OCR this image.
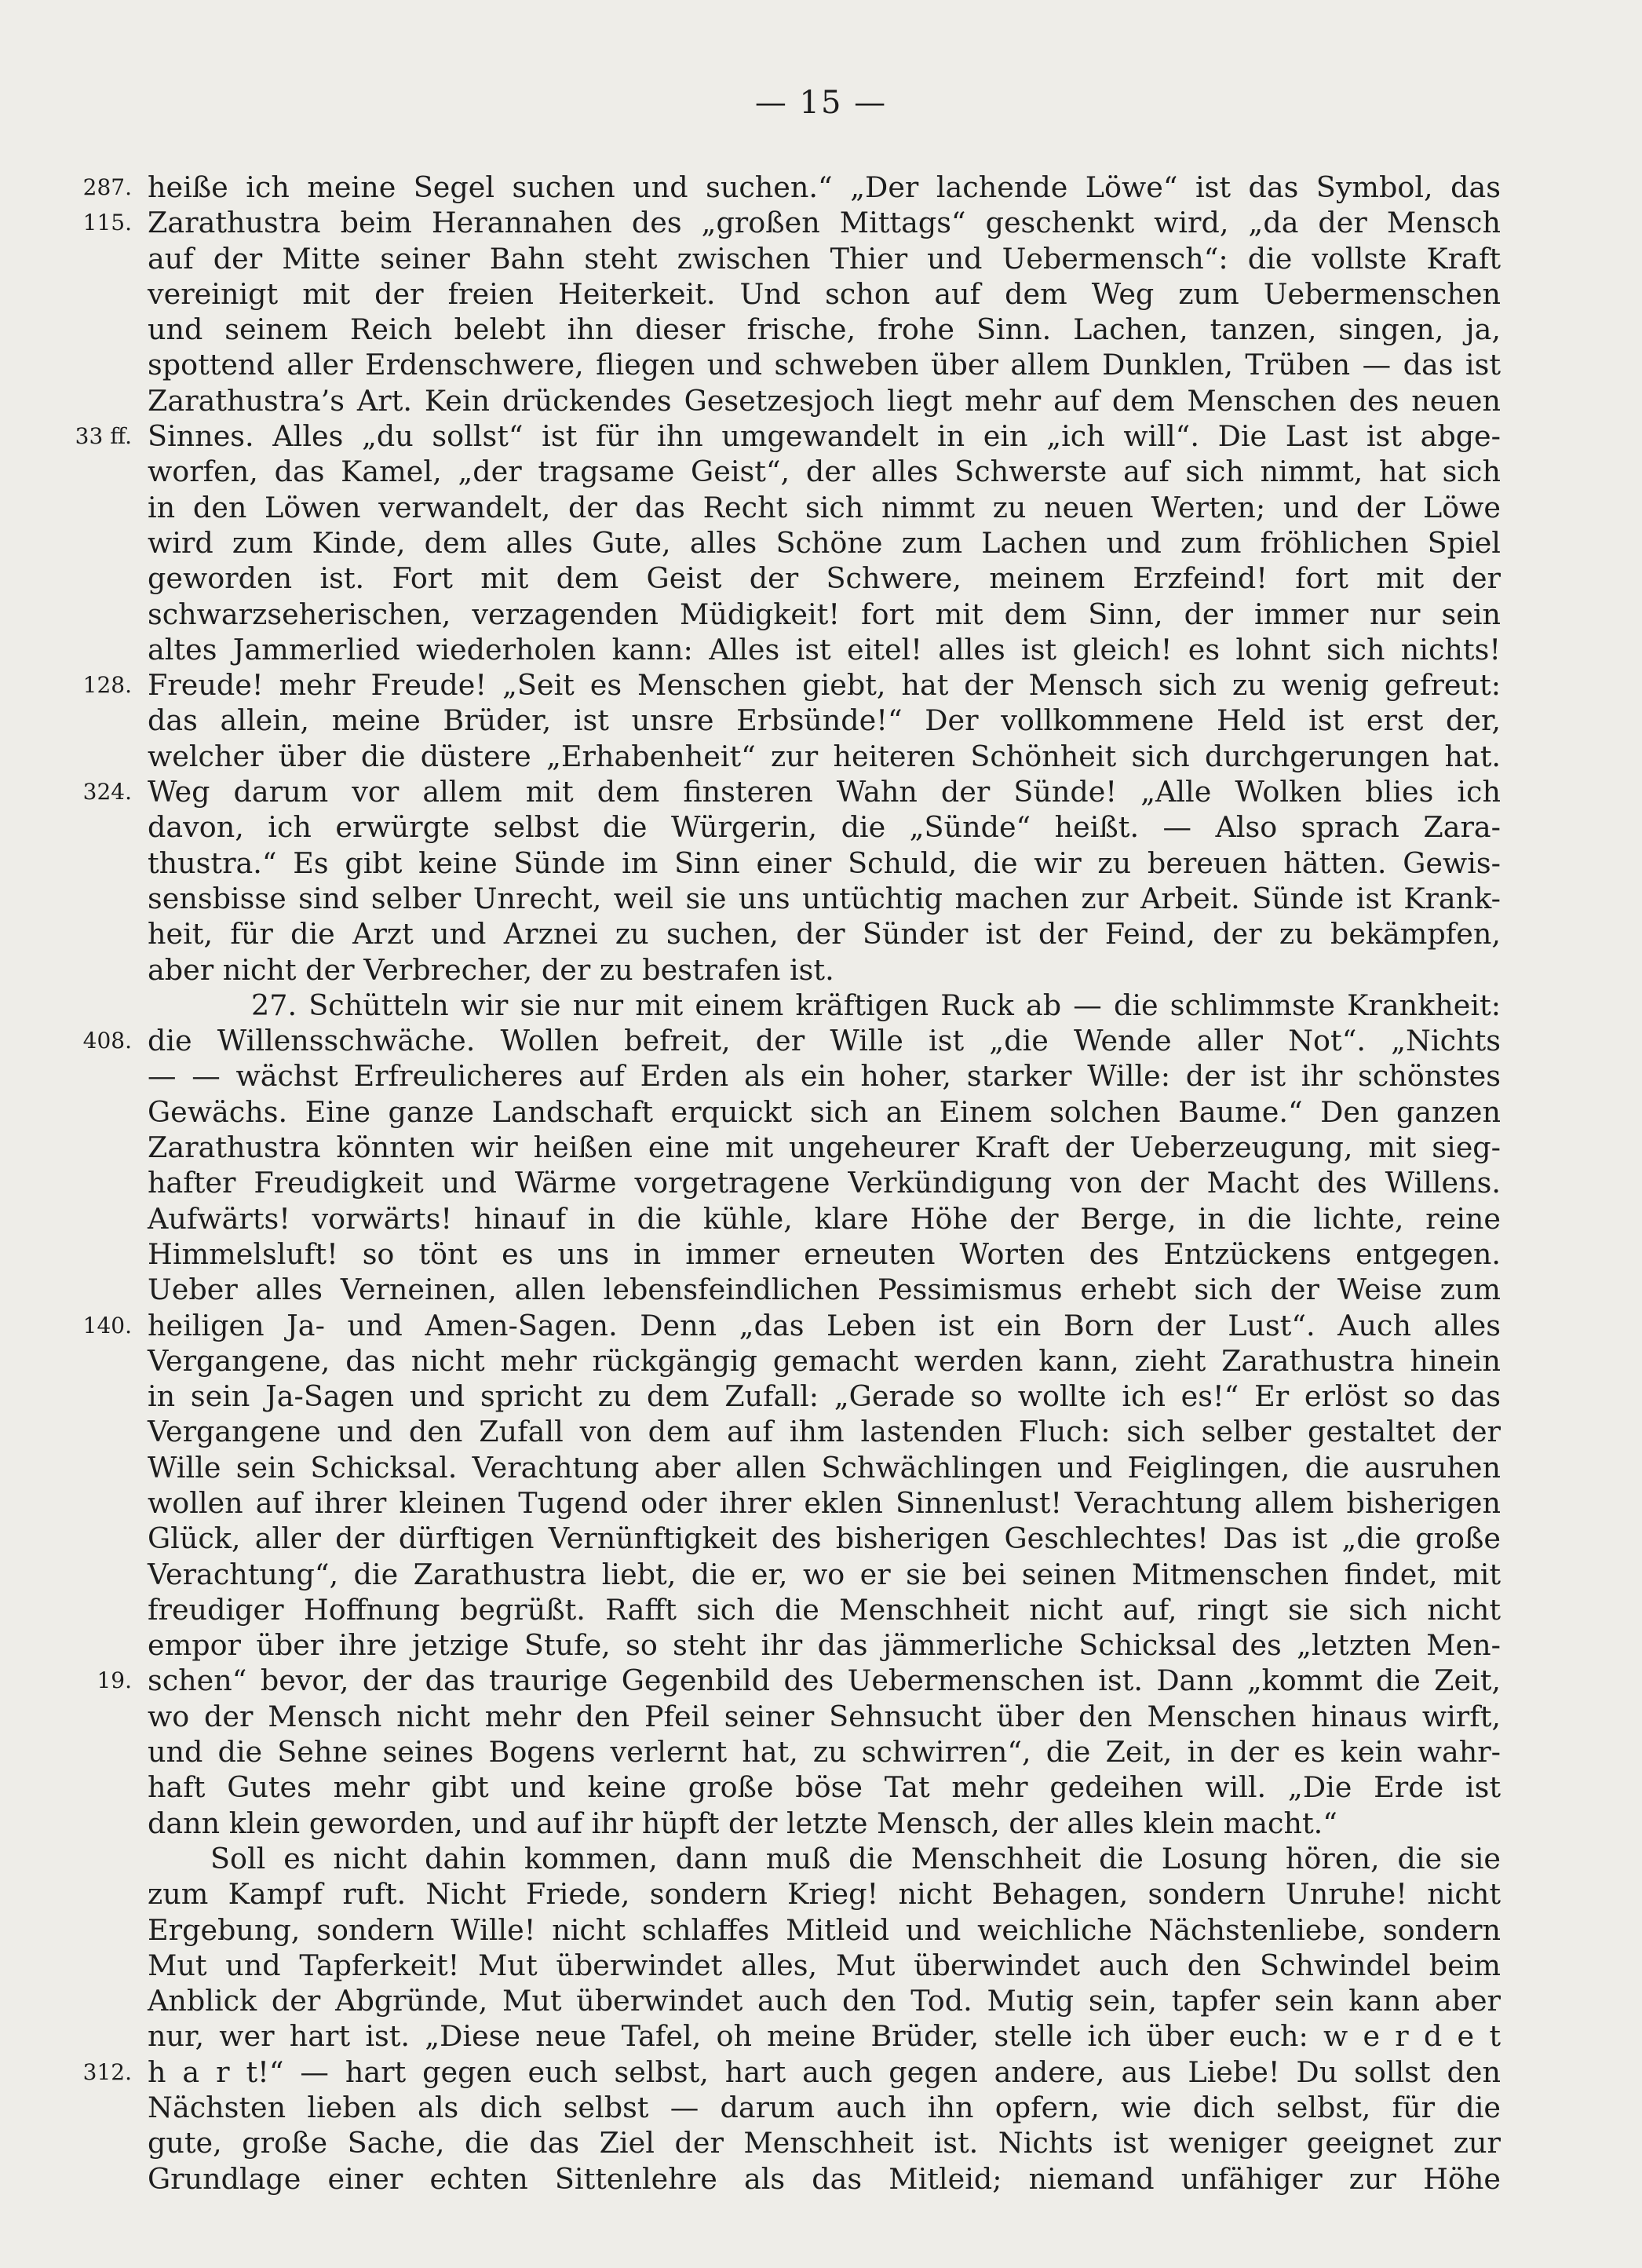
— 15 —
287. heiße ich meine Segel suchen und suchen.“ „Der lachende Löwe“ ist das Symbol, das
115. Zarathustra beim Herannahen des „großen Mittags“ geschenkt wird, „da der Mensch
auf der Mitte seiner Bahn steht zwischen Thier und Uebermensch“: die vollste Kraft
vereinigt mit der freien Heiterkeit. Und schon auf dem Weg zum Uebermenschen
und seinem Reich belebt ihn dieser frische, frohe Sinn. Lachen, tanzen, singen, ja,
spottend aller Erdenschwere, fliegen und schweben über allem Dunklen, Trüben — das ist
Zarathustra’s Art. Kein drückendes Gesetzesjoch liegt mehr auf dem Menschen des neuen
33 ff. Sinnes. Alles „du sollst“ ist für ihn umgewandelt in ein „ich will“. Die Last ist abge-
worfen, das Kamel, „der tragsame Geist“, der alles Schwerste auf sich nimmt, hat sich
in den Löwen verwandelt, der das Recht sich nimmt zu neuen Werten; und der Löwe
wird zum Kinde, dem alles Gute, alles Schöne zum Lachen und zum fröhlichen Spiel
geworden ist. Fort mit dem Geist der Schwere, meinem Erzfeind! fort mit der
schwarzseherischen, verzagenden Müdigkeit! fort mit dem Sinn, der immer nur sein
altes Jammerlied wiederholen kann: Alles ist eitel! alles ist gleich! es lohnt sich nichts!
128. Freude! mehr Freude! „Seit es Menschen giebt, hat der Mensch sich zu wenig gefreut:
das allein, meine Brüder, ist unsre Erbsünde!“ Der vollkommene Held ist erst der,
welcher über die düstere „Erhabenheit“ zur heiteren Schönheit sich durchgerungen hat.
324. Weg darum vor allem mit dem finsteren Wahn der Sünde! „Alle Wolken blies ich
davon, ich erwürgte selbst die Würgerin, die „Sünde“ heißt. — Also sprach Zara-
thustra.“ Es gibt keine Sünde im Sinn einer Schuld, die wir zu bereuen hätten. Gewis-
sensbisse sind selber Unrecht, weil sie uns untüchtig machen zur Arbeit. Sünde ist Krank-
heit, für die Arzt und Arznei zu suchen, der Sünder ist der Feind, der zu bekämpfen,
aber nicht der Verbrecher, der zu bestrafen ist.
27. Schütteln wir sie nur mit einem kräftigen Ruck ab — die schlimmste Krankheit:
408. die Willensschwäche. Wollen befreit, der Wille ist „die Wende aller Not“. „Nichts
— — wächst Erfreulicheres auf Erden als ein hoher, starker Wille: der ist ihr schönstes
Gewächs. Eine ganze Landschaft erquickt sich an Einem solchen Baume.“ Den ganzen
Zarathustra könnten wir heißen eine mit ungeheurer Kraft der Ueberzeugung, mit sieg-
hafter Freudigkeit und Wärme vorgetragene Verkündigung von der Macht des Willens.
Aufwärts! vorwärts! hinauf in die kühle, klare Höhe der Berge, in die lichte, reine
Himmelsluft! so tönt es uns in immer erneuten Worten des Entzückens entgegen.
Ueber alles Verneinen, allen lebensfeindlichen Pessimismus erhebt sich der Weise zum
140. heiligen Ja- und Amen-Sagen. Denn „das Leben ist ein Born der Lust“. Auch alles
Vergangene, das nicht mehr rückgängig gemacht werden kann, zieht Zarathustra hinein
in sein Ja-Sagen und spricht zu dem Zufall: „Gerade so wollte ich es!“ Er erlöst so das
Vergangene und den Zufall von dem auf ihm lastenden Fluch: sich selber gestaltet der
Wille sein Schicksal. Verachtung aber allen Schwächlingen und Feiglingen, die ausruhen
wollen auf ihrer kleinen Tugend oder ihrer eklen Sinnenlust! Verachtung allem bisherigen
Glück, aller der dürftigen Vernünftigkeit des bisherigen Geschlechtes! Das ist „die große
Verachtung“, die Zarathustra liebt, die er, wo er sie bei seinen Mitmenschen findet, mit
freudiger Hoffnung begrüßt. Rafft sich die Menschheit nicht auf, ringt sie sich nicht
empor über ihre jetzige Stufe, so steht ihr das jämmerliche Schicksal des „letzten Men-
19. schen“ bevor, der das traurige Gegenbild des Uebermenschen ist. Dann „kommt die Zeit,
wo der Mensch nicht mehr den Pfeil seiner Sehnsucht über den Menschen hinaus wirft,
und die Sehne seines Bogens verlernt hat, zu schwirren“, die Zeit, in der es kein wahr-
haft Gutes mehr gibt und keine große böse Tat mehr gedeihen will. „Die Erde ist
dann klein geworden, und auf ihr hüpft der letzte Mensch, der alles klein macht.“
Soll es nicht dahin kommen, dann muß die Menschheit die Losung hören, die sie
zum Kampf ruft. Nicht Friede, sondern Krieg! nicht Behagen, sondern Unruhe! nicht
Ergebung, sondern Wille! nicht schlaffes Mitleid und weichliche Nächstenliebe, sondern
Mut und Tapferkeit! Mut überwindet alles, Mut überwindet auch den Schwindel beim
Anblick der Abgründe, Mut überwindet auch den Tod. Mutig sein, tapfer sein kann aber
nur, wer hart ist. „Diese neue Tafel, oh meine Brüder, stelle ich über euch: w e r d e t
312. h a r t!“ — hart gegen euch selbst, hart auch gegen andere, aus Liebe! Du sollst den
Nächsten lieben als dich selbst — darum auch ihn opfern, wie dich selbst, für die
gute, große Sache, die das Ziel der Menschheit ist. Nichts ist weniger geeignet zur
Grundlage einer echten Sittenlehre als das Mitleid; niemand unfähiger zur Höhe
